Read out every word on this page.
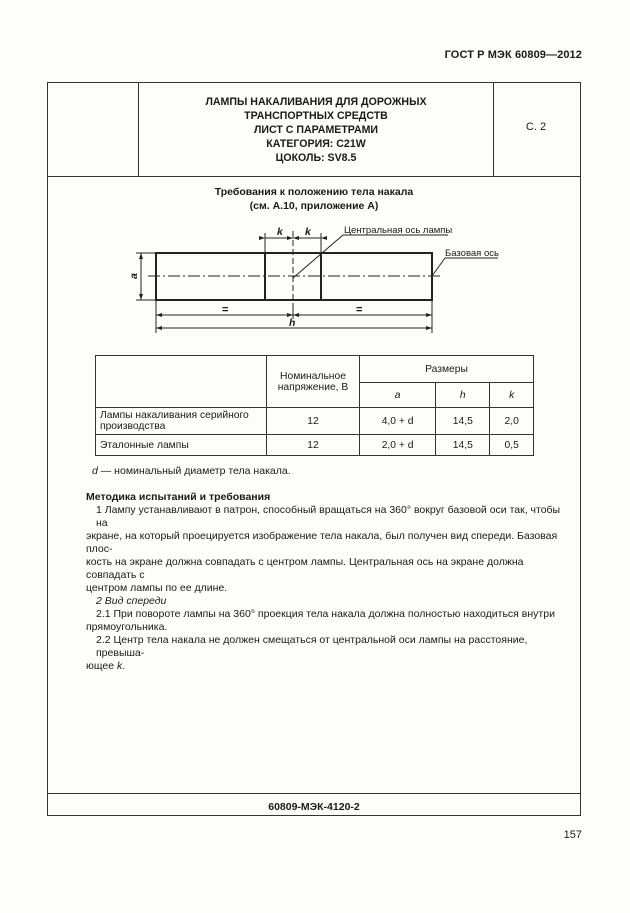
ГОСТ Р МЭК 60809—2012
ЛАМПЫ НАКАЛИВАНИЯ ДЛЯ ДОРОЖНЫХ
ТРАНСПОРТНЫХ СРЕДСТВ
ЛИСТ С ПАРАМЕТРАМИ
КАТЕГОРИЯ: С21W
ЦОКОЛЬ: SV8.5
С. 2
Требования к положению тела накала
(см. А.10, приложение А)
k k	Центральная ось лампы
Базовая ось
a
=	=
h
	Номинальное напряжение, В	Размеры		
		a	h	k
Лампы накаливания серийного производства	12	4,0 + d	14,5	2,0
Эталонные лампы	12	2,0 + d	14,5	0,5
d — номинальный диаметр тела накала.

Методика испытаний и требования

1 Лампу устанавливают в патрон, способный вращаться на 360° вокруг базовой оси так, чтобы на

экране, на который проецируется изображение тела накала, был получен вид спереди. Базовая плос-

кость на экране должна совпадать с центром лампы. Центральная ось на экране должна совпадать с

центром лампы по ее длине.

2 Вид спереди

2.1 При повороте лампы на 360° проекция тела накала должна полностью находиться внутри

прямоугольника.

2.2 Центр тела накала не должен смещаться от центральной оси лампы на расстояние, превыша-

ющее k.

60809-МЭК-4120-2
157
